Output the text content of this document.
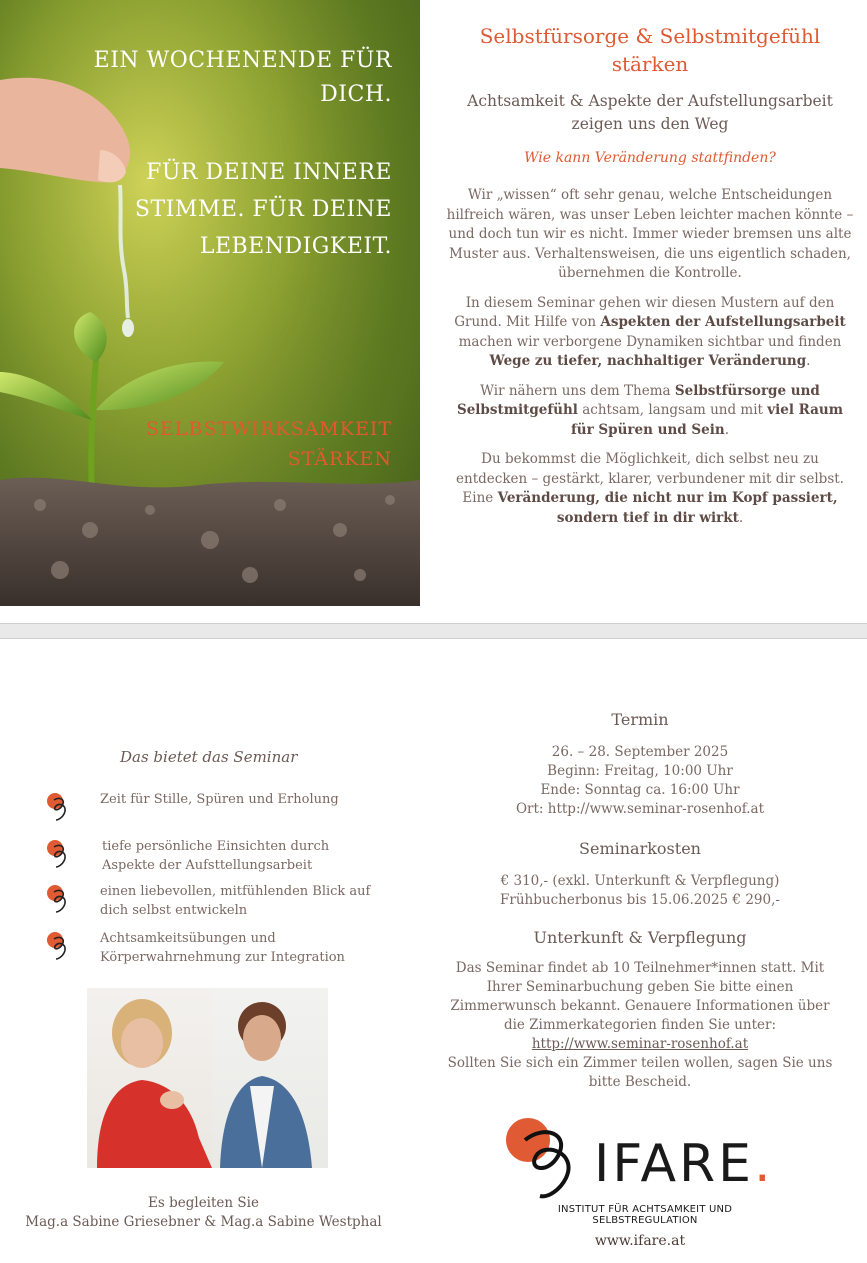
EIN WOCHENENDE FÜR DICH.
FÜR DEINE INNERE STIMME. FÜR DEINE LEBENDIGKEIT.
SELBSTWIRKSAMKEIT STÄRKEN
Selbstfürsorge & Selbstmitgefühl stärken
Achtsamkeit & Aspekte der Aufstellungsarbeit zeigen uns den Weg
Wie kann Veränderung stattfinden?

Wir „wissen“ oft sehr genau, welche Entscheidungen hilfreich wären, was unser Leben leichter machen könnte – und doch tun wir es nicht. Immer wieder bremsen uns alte Muster aus. Verhaltensweisen, die uns eigentlich schaden, übernehmen die Kontrolle.

In diesem Seminar gehen wir diesen Mustern auf den Grund. Mit Hilfe von Aspekten der Aufstellungsarbeit machen wir verborgene Dynamiken sichtbar und finden Wege zu tiefer, nachhaltiger Veränderung.

Wir nähern uns dem Thema Selbstfürsorge und Selbstmitgefühl achtsam, langsam und mit viel Raum für Spüren und Sein.

Du bekommst die Möglichkeit, dich selbst neu zu entdecken – gestärkt, klarer, verbundener mit dir selbst. Eine Veränderung, die nicht nur im Kopf passiert, sondern tief in dir wirkt.

Das bietet das Seminar
Zeit für Stille, Spüren und Erholung
tiefe persönliche Einsichten durch Aspekte der Aufsttellungsarbeit
einen liebevollen, mitfühlenden Blick auf dich selbst entwickeln
Achtsamkeitsübungen und Körperwahrnehmung zur Integration
Es begleiten Sie
Mag.a Sabine Griesebner & Mag.a Sabine Westphal
Termin

26. – 28. September 2025
Beginn: Freitag, 10:00 Uhr
Ende: Sonntag ca. 16:00 Uhr
Ort: http://www.seminar-rosenhof.at

Seminarkosten

€ 310,- (exkl. Unterkunft & Verpflegung)
Frühbucherbonus bis 15.06.2025 € 290,-

Unterkunft & Verpflegung

Das Seminar findet ab 10 Teilnehmer*innen statt. Mit Ihrer Seminarbuchung geben Sie bitte einen Zimmerwunsch bekannt. Genauere Informationen über die Zimmerkategorien finden Sie unter:
http://www.seminar-rosenhof.at
Sollten Sie sich ein Zimmer teilen wollen, sagen Sie uns bitte Bescheid.

IFARE.
INSTITUT FÜR ACHTSAMKEIT UND SELBSTREGULATION
www.ifare.at
